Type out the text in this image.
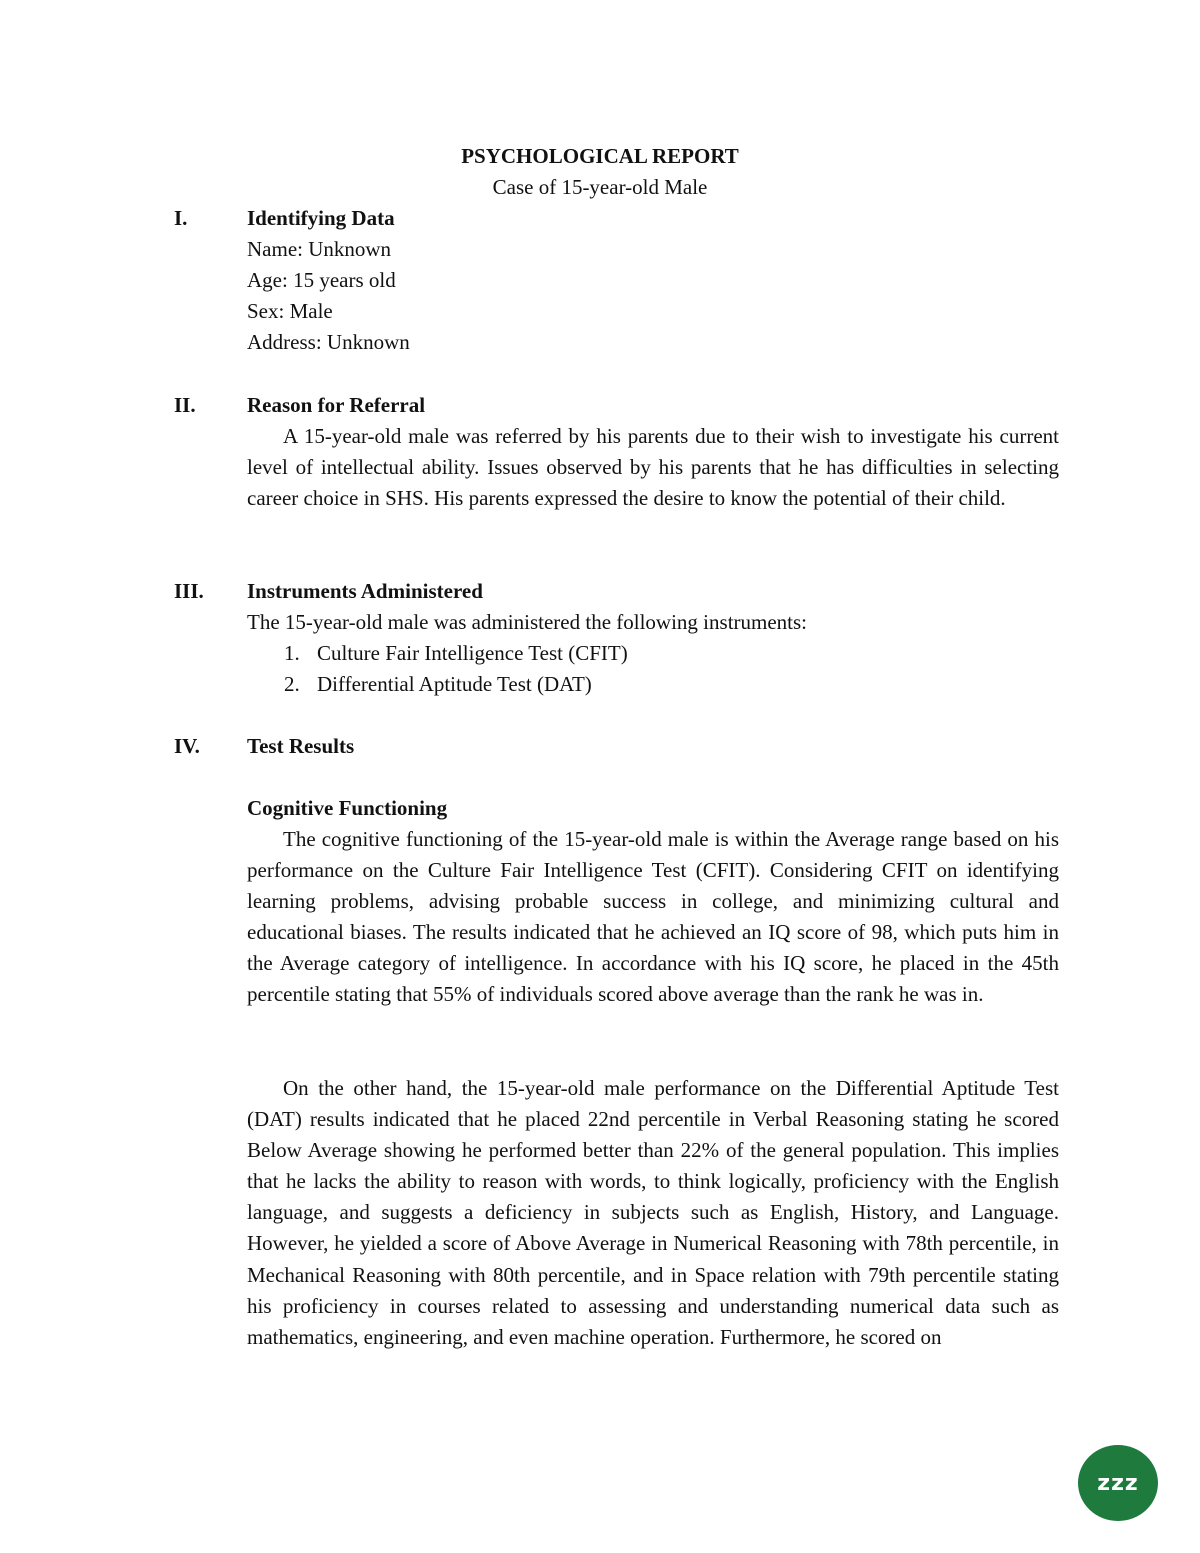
PSYCHOLOGICAL REPORT
Case of 15-year-old Male
I.	Identifying Data
Name: Unknown
Age: 15 years old
Sex: Male
Address: Unknown
II. Reason for Referral

A 15-year-old male was referred by his parents due to their wish to investigate his current level of intellectual ability. Issues observed by his parents that he has difficulties in selecting career choice in SHS. His parents expressed the desire to know the potential of their child.

III. Instruments Administered
The 15-year-old male was administered the following instruments:
1. Culture Fair Intelligence Test (CFIT)
2. Differential Aptitude Test (DAT)
IV. Test Results
Cognitive Functioning

The cognitive functioning of the 15-year-old male is within the Average range based on his performance on the Culture Fair Intelligence Test (CFIT). Considering CFIT on identifying learning problems, advising probable success in college, and minimizing cultural and educational biases. The results indicated that he achieved an IQ score of 98, which puts him in the Average category of intelligence. In accordance with his IQ score, he placed in the 45th percentile stating that 55% of individuals scored above average than the rank he was in.

On the other hand, the 15-year-old male performance on the Differential Aptitude Test (DAT) results indicated that he placed 22nd percentile in Verbal Reasoning stating he scored Below Average showing he performed better than 22% of the general population. This implies that he lacks the ability to reason with words, to think logically, proficiency with the English language, and suggests a deficiency in subjects such as English, History, and Language. However, he yielded a score of Above Average in Numerical Reasoning with 78th percentile, in Mechanical Reasoning with 80th percentile, and in Space relation with 79th percentile stating his proficiency in courses related to assessing and understanding numerical data such as mathematics, engineering, and even machine operation. Furthermore, he scored on

zzz
